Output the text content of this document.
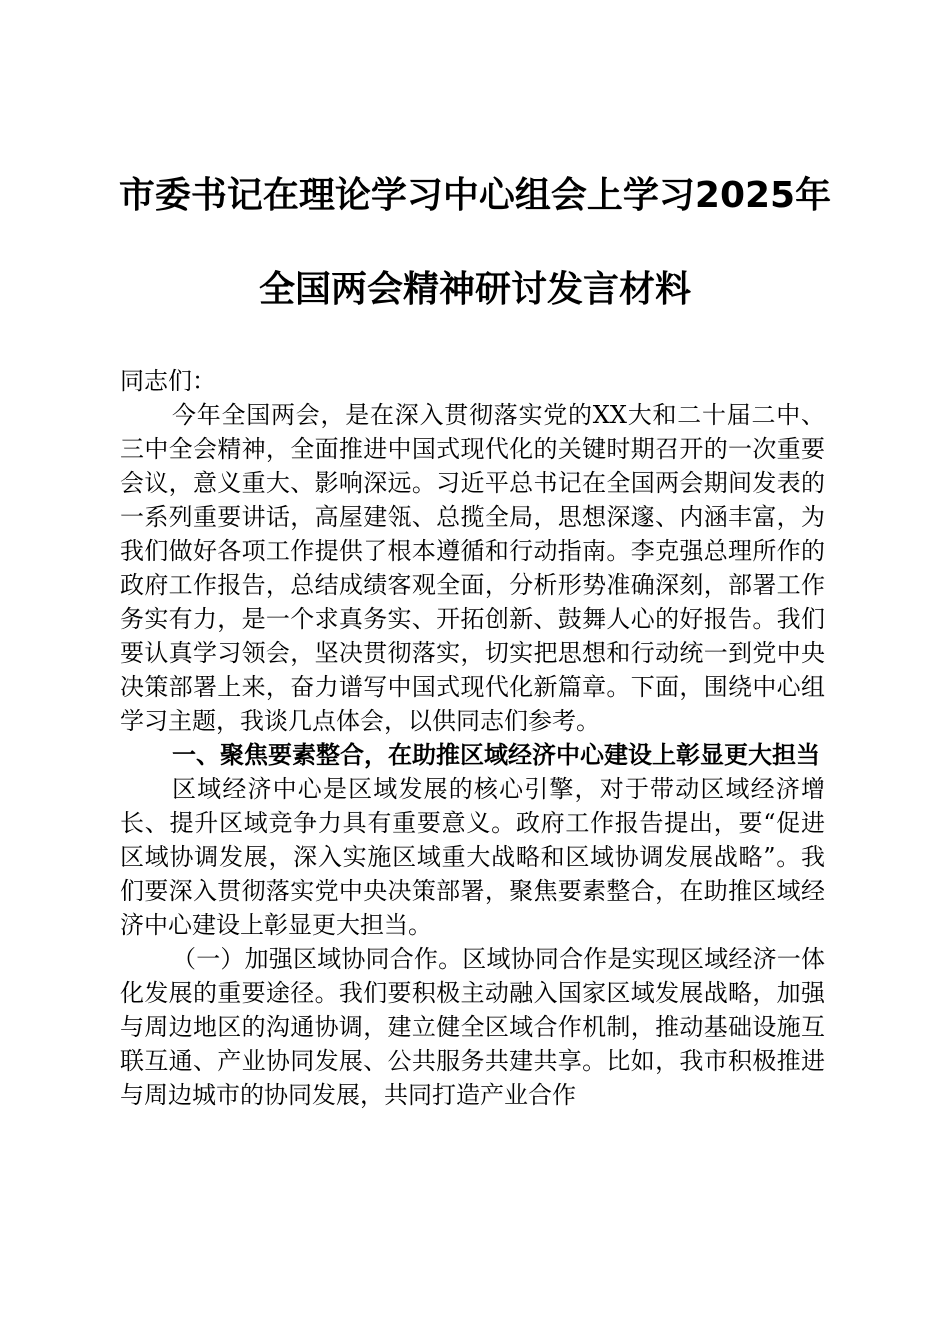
市委书记在理论学习中心组会上学习2025年
全国两会精神研讨发言材料

同志们：

今年全国两会，是在深入贯彻落实党的XX大和二十届二中、三中全会精神，全面推进中国式现代化的关键时期召开的一次重要会议，意义重大、影响深远。习近平总书记在全国两会期间发表的一系列重要讲话，高屋建瓴、总揽全局，思想深邃、内涵丰富，为我们做好各项工作提供了根本遵循和行动指南。李克强总理所作的政府工作报告，总结成绩客观全面，分析形势准确深刻，部署工作务实有力，是一个求真务实、开拓创新、鼓舞人心的好报告。我们要认真学习领会，坚决贯彻落实，切实把思想和行动统一到党中央决策部署上来，奋力谱写中国式现代化新篇章。下面，围绕中心组学习主题，我谈几点体会，以供同志们参考。

一、聚焦要素整合，在助推区域经济中心建设上彰显更大担当

区域经济中心是区域发展的核心引擎，对于带动区域经济增长、提升区域竞争力具有重要意义。政府工作报告提出，要“促进区域协调发展，深入实施区域重大战略和区域协调发展战略”。我们要深入贯彻落实党中央决策部署，聚焦要素整合，在助推区域经济中心建设上彰显更大担当。

（一）加强区域协同合作。区域协同合作是实现区域经济一体化发展的重要途径。我们要积极主动融入国家区域发展战略，加强与周边地区的沟通协调，建立健全区域合作机制，推动基础设施互联互通、产业协同发展、公共服务共建共享。比如，我市积极推进与周边城市的协同发展，共同打造产业合作
